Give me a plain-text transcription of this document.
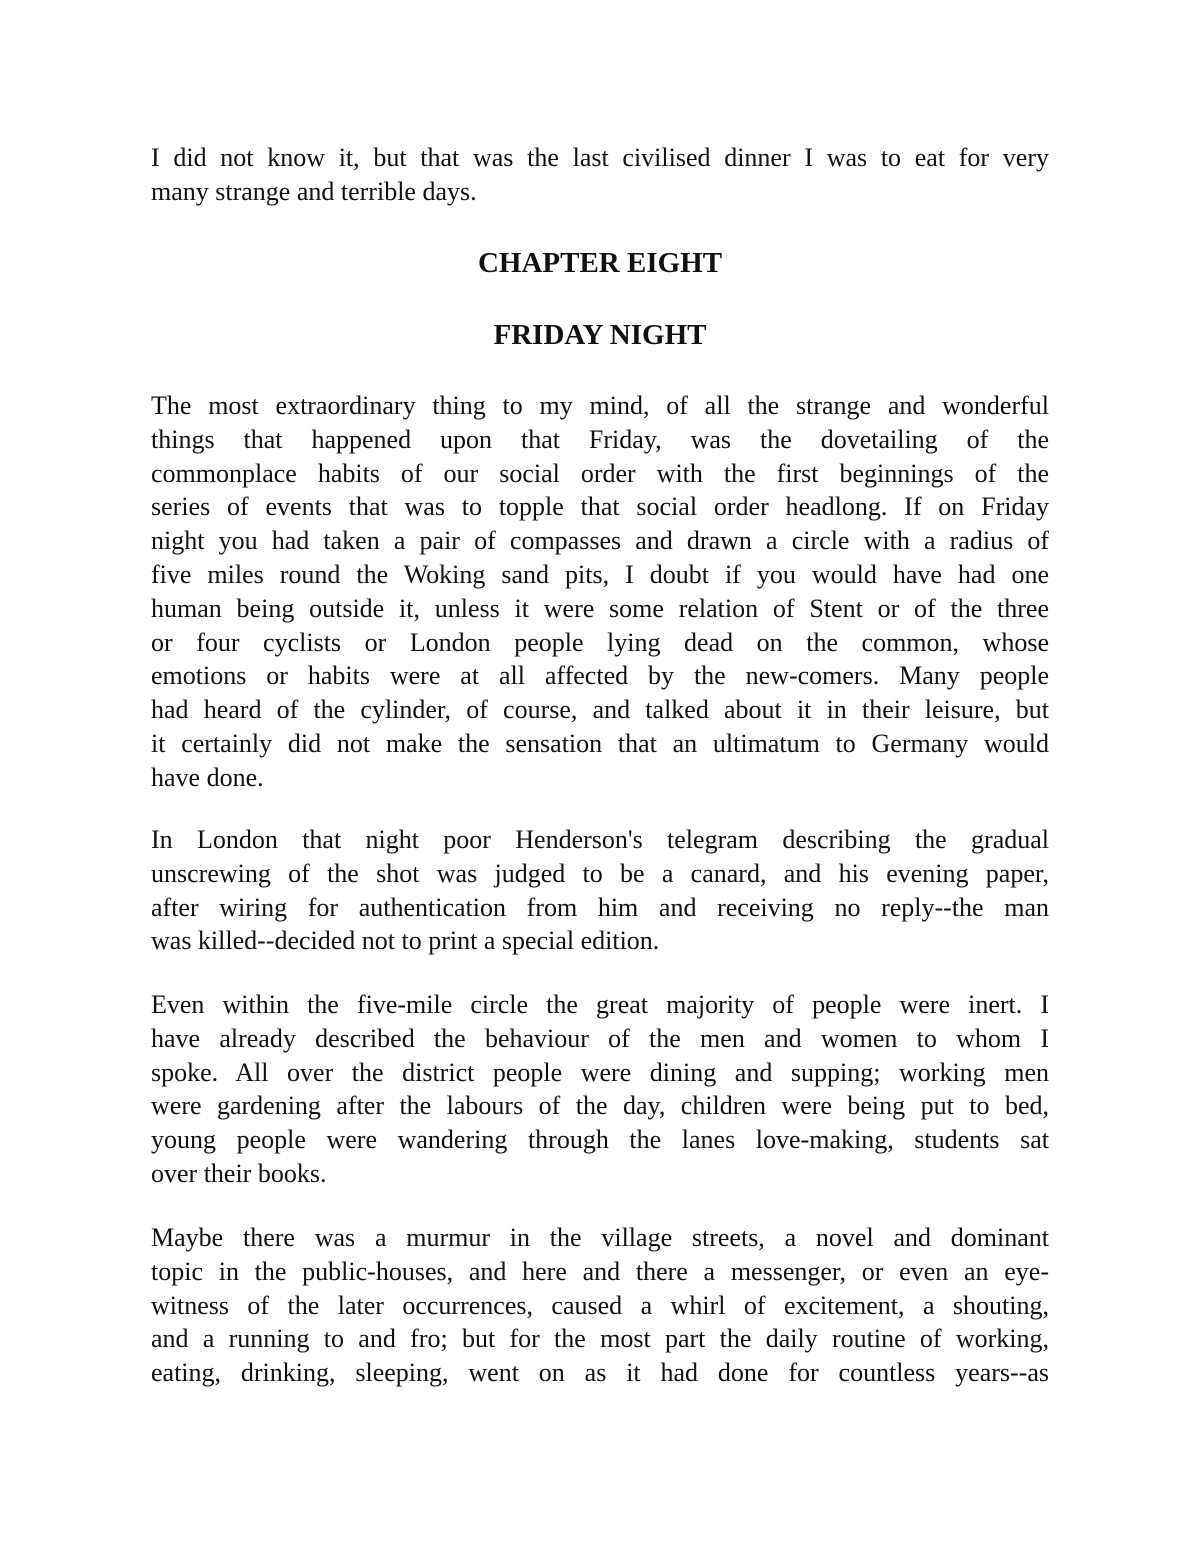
I did not know it, but that was the last civilised dinner I was to eat for very
many strange and terrible days.
CHAPTER EIGHT
FRIDAY NIGHT
The most extraordinary thing to my mind, of all the strange and wonderful
things that happened upon that Friday, was the dovetailing of the
commonplace habits of our social order with the first beginnings of the
series of events that was to topple that social order headlong. If on Friday
night you had taken a pair of compasses and drawn a circle with a radius of
five miles round the Woking sand pits, I doubt if you would have had one
human being outside it, unless it were some relation of Stent or of the three
or four cyclists or London people lying dead on the common, whose
emotions or habits were at all affected by the new-comers. Many people
had heard of the cylinder, of course, and talked about it in their leisure, but
it certainly did not make the sensation that an ultimatum to Germany would
have done.
In London that night poor Henderson's telegram describing the gradual
unscrewing of the shot was judged to be a canard, and his evening paper,
after wiring for authentication from him and receiving no reply--the man
was killed--decided not to print a special edition.
Even within the five-mile circle the great majority of people were inert. I
have already described the behaviour of the men and women to whom I
spoke. All over the district people were dining and supping; working men
were gardening after the labours of the day, children were being put to bed,
young people were wandering through the lanes love-making, students sat
over their books.
Maybe there was a murmur in the village streets, a novel and dominant
topic in the public-houses, and here and there a messenger, or even an eye-
witness of the later occurrences, caused a whirl of excitement, a shouting,
and a running to and fro; but for the most part the daily routine of working,
eating, drinking, sleeping, went on as it had done for countless years--as
